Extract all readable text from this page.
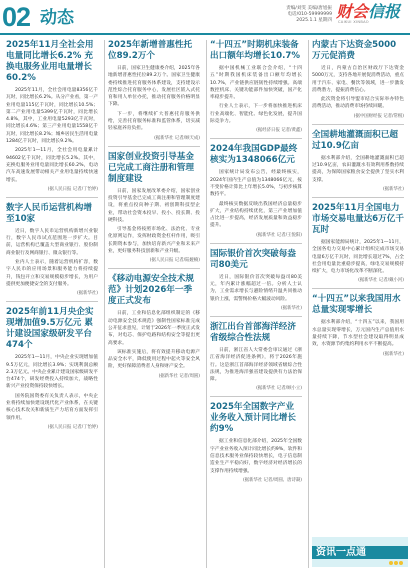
02 动态	责编/刘雯 美编/唐旭振
电话/010-59999999
2025.1.1 星期四 财会信报
CAIKUI XINBAO
2025年11月全社会用电量同比增长6.2% 充换电服务业用电量增长60.2%

2025年11月，全社会用电量8356亿千瓦时，同比增长6.2%。从分产业看，第一产业用电量115亿千瓦时，同比增长10.5%；第二产业用电量5399亿千瓦时，同比增长4.8%，其中，工业用电量5293亿千瓦时，同比增长4.6%；第三产业用电量1558亿千瓦时，同比增长8.2%；城乡居民生活用电量1284亿千瓦时，同比增长9.2%。

2025年1—11月，全社会用电量累计94602亿千瓦时，同比增长5.2%。其中，充换电服务业用电量同比增长60.2%，电动汽车高速发展带动相关产业用电量持续快速增长。

(据人民日报 记者/丁怡婷)
数字人民币运营机构增至10家

近日，数字人民币运营机构新增兴业银行，数字人民币试点范围进一步扩大。目前，运营机构已覆盖大型商业银行、股份制商业银行及网商银行、微众银行等。

业内人士表示，随着运营机构扩容，数字人民币的应用场景和服务能力将持续提升，钱包开立和交易规模稳步增长，为用户提供更加便捷安全的支付服务。

(据新华社)
2025年前11月央企实现增加值9.5万亿元 累计建设国家级研发平台474个

2025年1—11月，中央企业实现增加值9.5万亿元，同比增长3.9%；实现利润总额2.3万亿元。中央企业累计建设国家级研发平台474个，研发经费投入持续加大，战略性新兴产业投资保持较快增长。

国务院国资委有关负责人表示，中央企业将持续加快建设现代化产业体系，在关键核心技术攻关和新质生产力培育方面发挥引领作用。

(据人民日报 记者/丁怡婷)
2025年新增普惠性托位89.2万个

日前，国家卫生健康委介绍，2025年各地新增普惠性托位89.2万个。国家卫生健康委持续推进托育服务体系建设，支持建设示范性综合托育服务中心，发展社区嵌入式托育和用人单位办托，推动托育服务价格明显下降。

下一步，将继续扩大普惠托育服务供给，完善托育服务标准和监管体系，切实减轻家庭养育负担。

(据新华社 记者/顾天成)
国家创业投资引导基金已完成工商注册和管理制度建设

日前，国家发展改革委介绍，国家创业投资引导基金已完成工商注册和管理制度建设，将重点投向种子期、初创期科技型企业，带动社会资本投早、投小、投长期、投硬科技。

引导基金将按照市场化、法治化、专业化原则运作，发挥财政资金杠杆作用，吸引长期资本参与，加快培育新兴产业和未来产业，更好服务科技创新和产业升级。

(据人民日报 记者/陆娅楠)
《移动电源安全技术规范》计划2026年一季度正式发布

日前，工业和信息化部组织制定的《移动电源安全技术规范》强制性国家标准完成公开征求意见，计划于2026年一季度正式发布，对电芯、保护电路和结构安全等提出更高要求。

该标准实施后，将有效提升移动电源产品安全水平，降低使用过程中起火等安全风险，更好保障消费者人身和财产安全。

(据新华社 记者/周圆)
“十四五”时期机床装备出口额年均增长10.7%

据中国机械工业联合会介绍，“十四五”时期我国机床装备出口额年均增长10.7%，产业链供应链韧性持续增强。高端数控机床、关键功能部件加快突破，国产化率稳步提升。

行业人士表示，下一步将加快推进机床行业高端化、智能化、绿色化发展，提升国际竞争力。

(据经济日报 记者/黄鑫)
2024年我国GDP最终核实为1348066亿元

国家统计局发布公告，经最终核实，2024年国内生产总值为1348066亿元，按不变价格计算比上年增长5.0%，与初步核算数持平。

最终核实数据反映出我国经济总量稳步扩大，产业结构持续优化，第三产业增加值占比进一步提高，经济发展质量和效益稳步提升。

(据新华社 记者/王悦阳)
国际银价首次突破每盎司80美元

近日，国际银价首次突破每盎司80美元，年内累计涨幅超过一倍。分析人士认为，工业需求增长与避险情绪升温共同推动银价上涨，需警惕价格大幅波动风险。

(据新华社)
浙江出台首部海洋经济省级综合性法规

日前，浙江省人大常委会审议通过《浙江省海洋经济促进条例》，将于2026年施行。这是浙江首部海洋经济领域省级综合性法规，为推进海洋强省建设提供有力法治保障。

(据新华社 记者/顾小立)
2025年全国数字产业业务收入预计同比增长约9%

据工业和信息化部介绍，2025年全国数字产业业务收入预计同比增长约9%，软件和信息技术服务业保持较快增长，电子信息制造业生产平稳向好，数字经济对经济增长的支撑作用持续增强。

(据新华社 记者/周圆、唐诗凝)
内蒙古下达资金5000万元促消费

近日，内蒙古自治区财政厅下达资金5000万元，支持各地开展促消费活动，重点用于汽车、家电、餐饮等领域，进一步激发消费潜力，提振消费信心。

此次资金将引导盟市结合实际举办特色消费活动，推动消费市场持续回暖。

(据中国财经报 记者/常根)
全国耕地灌溉面积已超过10.9亿亩

据水利部介绍，全国耕地灌溉面积已超过10.9亿亩，农田灌溉水有效利用系数持续提高，为保障国家粮食安全提供了坚实水利支撑。

(据新华社)
2025年11月全国电力市场交易电量达6万亿千瓦时

据国家能源局统计，2025年1—11月，全国各电力交易中心累计组织完成市场交易电量6万亿千瓦时，同比增长超过7%，占全社会用电量比重稳步提高，绿电交易规模持续扩大，电力市场化改革不断深化。

(据新华社 记者/戴小河)
“十四五”以来我国用水总量实现零增长

据水利部介绍，“十四五”以来，我国用水总量实现零增长，万元国内生产总值用水量持续下降，节水型社会建设取得明显成效，水资源节约集约利用水平不断提高。

(据新华社)
资讯一点通
